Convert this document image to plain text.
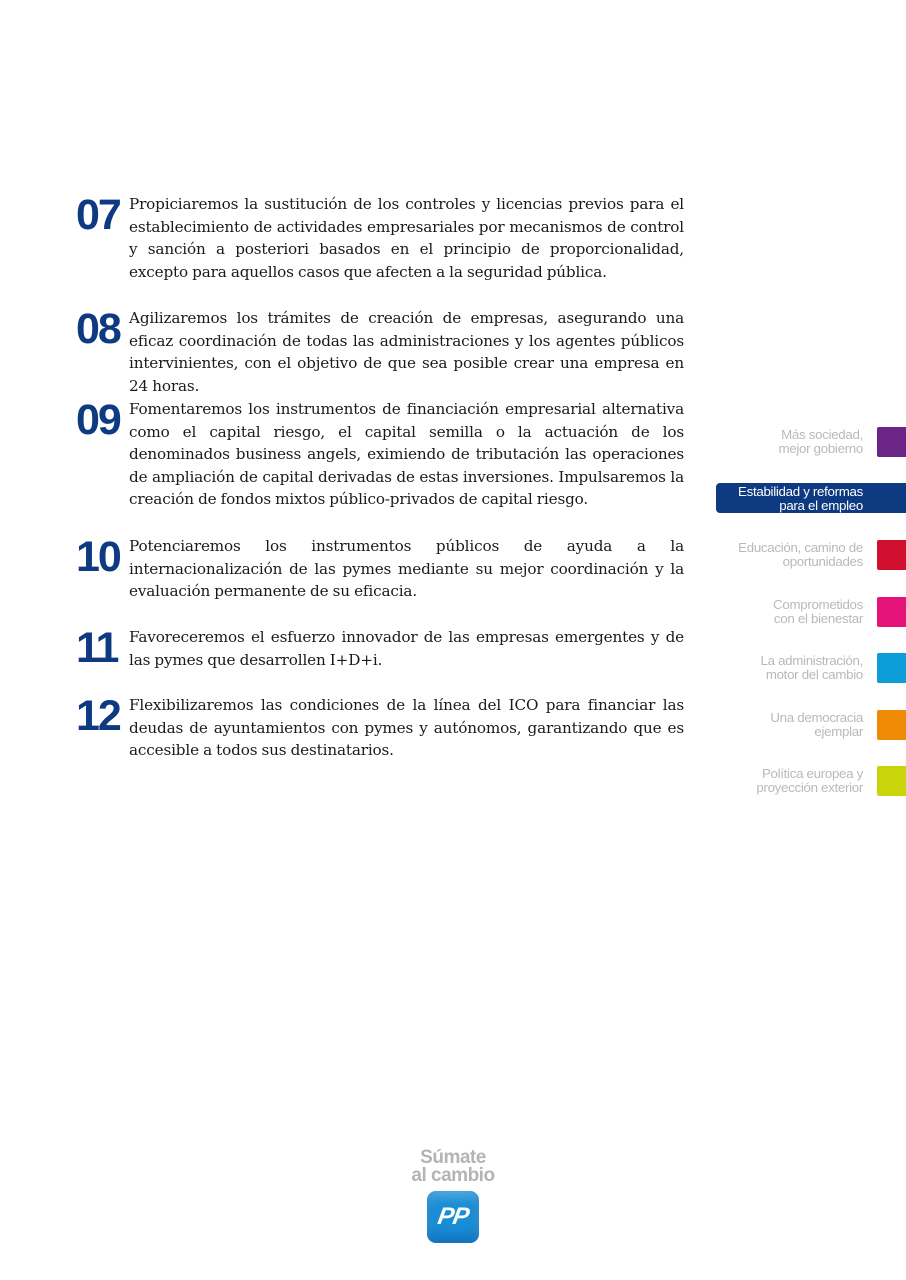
07 Propiciaremos la sustitución de los controles y licencias previos para el establecimiento de actividades empresariales por mecanismos de control y sanción a posteriori basados en el principio de proporcionalidad, excepto para aquellos casos que afecten a la seguridad pública.
08 Agilizaremos los trámites de creación de empresas, asegurando una eficaz coordinación de todas las administraciones y los agentes públicos intervinientes, con el objetivo de que sea posible crear una empresa en 24 horas.
09 Fomentaremos los instrumentos de financiación empresarial alternativa como el capital riesgo, el capital semilla o la actuación de los denominados business angels, eximiendo de tributación las operaciones de ampliación de capital derivadas de estas inversiones. Impulsaremos la creación de fondos mixtos público-privados de capital riesgo.
10 Potenciaremos los instrumentos públicos de ayuda a la internacionalización de las pymes mediante su mejor coordinación y la evaluación permanente de su eficacia.
11 Favoreceremos el esfuerzo innovador de las empresas emergentes y de las pymes que desarrollen I+D+i.
12 Flexibilizaremos las condiciones de la línea del ICO para financiar las deudas de ayuntamientos con pymes y autónomos, garantizando que es accesible a todos sus destinatarios.
Más sociedad,
mejor gobierno
Estabilidad y reformas
para el empleo
Educación, camino de
oportunidades
Comprometidos
con el bienestar
La administración,
motor del cambio
Una democracia
ejemplar
Política europea y
proyección exterior
Súmate
al cambio
PP
